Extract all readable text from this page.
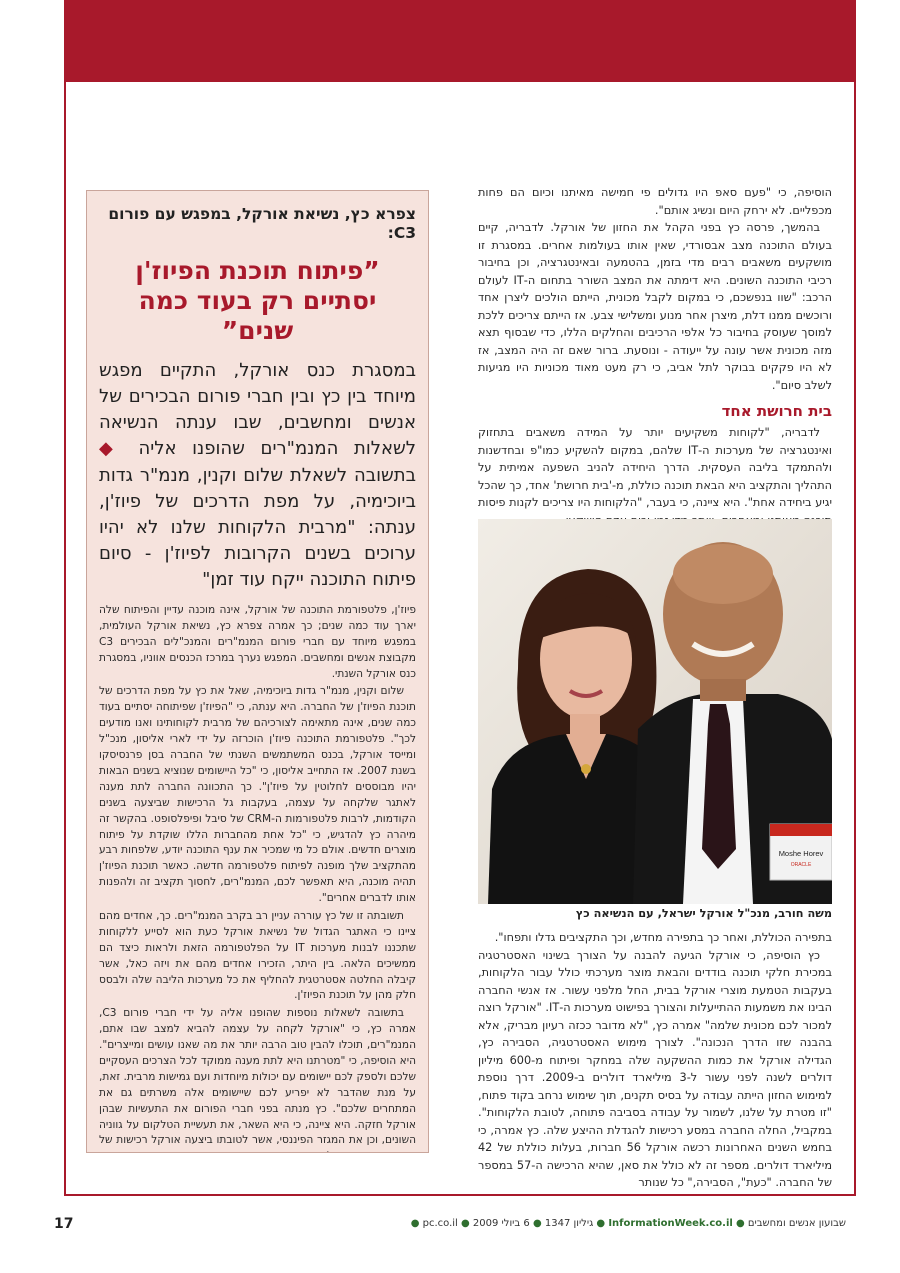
הוסיפה, כי "פעם סאפ היו גדולים פי חמישה מאיתנו וכיום הם פחות מכפליים. לא ירחק היום ונשיג אותם".

בהמשך, פרסה כץ בפני הקהל את החזון של אורקל. לדבריה, קיים בעולם התוכנה מצב אבסורדי, שאין אותו בעולמות אחרים. במסגרת זו מושקעים משאבים רבים מדי בזמן, בהטמעה ובאינטגרציה, וכן בחיבור רכיבי התוכנה השונים. היא דימתה את המצב השורר בתחום ה-IT לעולם הרכב: "שוו בנפשכם, כי במקום לקבל מכונית, הייתם הולכים ליצרן אחד ורוכשים ממנו דלת, מיצרן אחר מנוע ומשלישי צבע. אז הייתם צריכים ללכת למוסך שעוסק בחיבור כל אלפי הרכיבים והחלקים הללו, כדי שבסוף תצא מזה מכונית אשר עונה על ייעודה - ונוסעת. ברור שאם זה היה המצב, אז לא היו פקקים בבוקר לתל אביב, כי רק מעט מאוד מכוניות היו מגיעות לשלב סיום".

בית חרושת אחד

לדבריה, "לקוחות משקיעים יותר על המידה משאבים בתחזוק ואינטגרציה של מערכות ה-IT שלהם, במקום להשקיע כמו"פ ובחדשנות ולהתמקד בליבה העסקית. הדרך היחידה להניב השפעה אמיתית על התהליך והתקציב היא הבאת תוכנה כוללת, מ-'בית חרושת' אחד, כך שהכל יגיע ביחידה אחת". היא ציינה, כי בעבר, "הלקוחות היו צריכים לקנות פיסות

Moshe Horev
ORACLE
משה חורב, מנכ"ל אורקל ישראל, עם הנשיאה כץ

בתפירה הכוללת, ואחר כך בתפירה מחדש, וכך התקציבים גדלו ותפחו".

כץ הוסיפה, כי אורקל הגיעה להבנה על הצורך בשינוי האסטרטגיה במכירת חלקי תוכנה בודדים והבאת מוצר מערכתי כולל עבור הלקוחות, בעקבות הטמעת מוצרי אורקל בבית, החל מלפני עשור. אז אנשי החברה הבינו את משמעות ההתייעלות והצורך בפישוט מערכות ה-IT. "אורקל רוצה למכור לכם מכונית שלמה" אמרה כץ, "לא מדובר ככזה רעיון מבריק, אלא בהבנה שזו הדרך הנכונה". לצורך מימוש האסטרטגיה, הסבירה כץ, הגדילה אורקל את כמות ההשקעה שלה במחקר ופיתוח מ-600 מיליון דולרים לשנה לפני עשור ל-3 מיליארד דולרים ב-2009. דרך נוספת למימוש החזון הייתה עבודה על בסיס תקנים, תוך שימוש נרחב בקוד פתוח, "זו מטרת על שלנו, לשמור על עבודה בסביבה פתוחה, לטובת הלקוחות". במקביל, החלה החברה במסע רכישות להגדלת ההיצע שלה. כץ אמרה, כי בחמש השנים האחרונות רכשה אורקל 56 חברות, בעלות כוללת של 42 מיליארד דולרים. מספר זה לא כולל את סאן, שהיא הרכישה ה-57 במספר של החברה. "כעת", הסבירה," כל שנותר

צפרא כץ, נשיאת אורקל, במפגש עם פורום C3:
”פיתוח תוכנת הפיוז'ן יסתיים רק בעוד כמה שנים”
במסגרת כנס אורקל, התקיים מפגש מיוחד בין כץ ובין חברי פורום הבכירים של אנשים ומחשבים, שבו ענתה הנשיאה לשאלות המנמ"רים שהופנו אליה ◆ בתשובה לשאלת שלום וקנין, מנמ"ר גדות ביוכימיה, על מפת הדרכים של פיוז'ן, ענתה: "מרבית הלקוחות שלנו לא יהיו ערוכים בשנים הקרובות לפיוז'ן - סיום פיתוח התוכנה ייקח עוד זמן"

פיוז'ן, פלטפורמת התוכנה של אורקל, אינה מוכנה עדיין והפיתוח שלה יארך עוד כמה שנים; כך אמרה צפרא כץ, נשיאת אורקל העולמית, במפגש מיוחד עם חברי פורום המנמ"רים והמנכ"לים הבכירים C3 מקבוצת אנשים ומחשבים. המפגש נערך במרכז הכנסים אווניו, במסגרת כנס אורקל השנתי.

שלום וקנין, מנמ"ר גדות ביוכימיה, שאל את כץ על מפת הדרכים של תוכנת הפיוז'ן של החברה. היא ענתה, כי "הפיוז'ן שפיתוחה יסתיים בעוד כמה שנים, אינה מתאימה לצורכיהם של מרבית לקוחותינו ואנו מודעים לכך". פלטפורמת התוכנה פיוז'ן הוכרזה על ידי לארי אליסון, מנכ"ל ומייסד אורקל, בכנס המשתמשים השנתי של החברה בסן פרנסיסקו בשנת 2007. אז התחייב אליסון, כי "כל היישומים שנוציא בשנים הבאות יהיו מבוססים לחלוטין על פיוז'ן". כך התכוונה החברה לתת מענה לאתגר שלקחה על עצמה, בעקבות גל הרכישות שביצעה בשנים הקודמות, לרבות פלטפורמות ה-CRM של סיבל ופיפלסופט. בהקשר זה מיהרה כץ להדגיש, כי "כל אחת מהחברות הללו שוקדת על פיתוח מוצרים חדשים. אולם כל מי שמכיר את ענף התוכנה יודע, שלפחות רבע מהתקציב שלך מופנה לפיתוח פלטפורמה חדשה. כאשר תוכנת הפיוז'ן תהיה מוכנה, היא תאפשר לכם, המנמ"רים, לחסוך תקציב זה ולהפנות אותו לדברים אחרים".

תשובתה זו של כץ עוררה עניין רב בקרב המנמ"רים. כך, אחדים מהם ציינו כי האתגר הגדול של נשיאת אורקל כעת הוא לסייע ללקוחות שתכננו לבנות מערכות IT על הפלטפורמה הזאת ולראות כיצד הם ממשיכים הלאה. בין היתר, הזכירו אחדים מהם את ויזה כאל, אשר קיבלה החלטה אסטרטגית להחליף את כל מערכות הליבה שלה ולבסס חלק מהן על תוכנת הפיוז'ן.

בתשובה לשאלות נוספות שהופנו אליה על ידי חברי פורום C3, אמרה כץ, כי "אורקל לקחה על עצמה להביא למצב שבו אתם, המנמ"רים, תוכלו להבין טוב הרבה יותר את מה שאנו עושים ומייצרים". היא הוסיפה, כי "מטרתנו היא לתת מענה ממוקד לכל הצרכים העסקיים שלכם ולספק לכם יישומים עם יכולות מיוחדות ועם גמישות מרבית. זאת, על מנת שהדבר לא יפריע לכם שיישומים אלה משרתים גם את המתחרים שלכם". כץ מנתה בפני חברי הפורום את התעשיות שבהן אורקל חזקה. היא ציינה, כי היא השאר, את תעשיית הטלקום על גווניה השונים, וכן את המגזר הפיננסי, אשר לטובתו ביצעה אורקל רכישות של

17	שבועון אנשים ומחשבים ● InformationWeek.co.il ● גיליון 1347 ● 6 ביולי 2009 ● pc.co.il ●
